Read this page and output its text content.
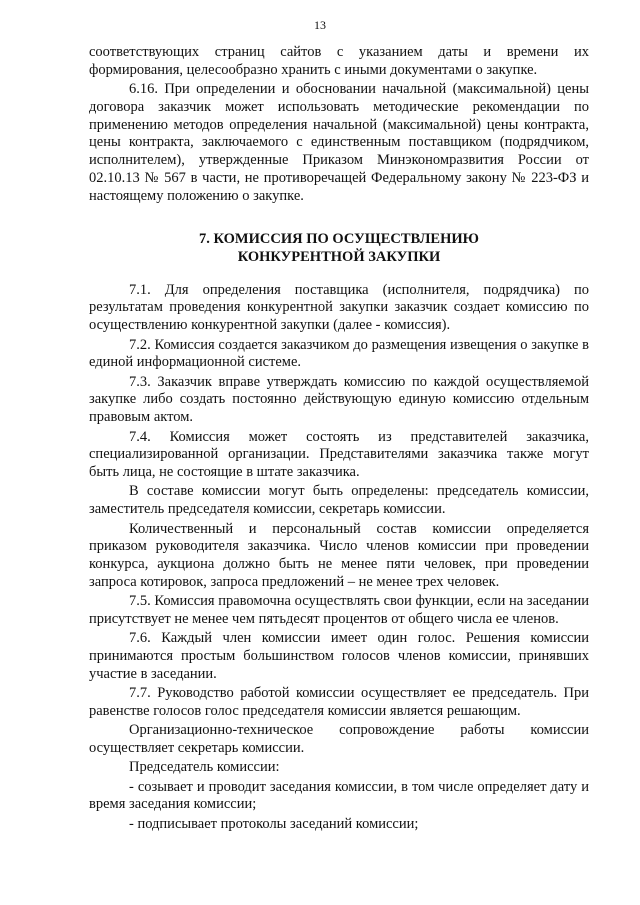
13

соответствующих страниц сайтов с указанием даты и времени их формирования, целесообразно хранить с иными документами о закупке.

6.16. При определении и обосновании начальной (максимальной) цены договора заказчик может использовать методические рекомендации по применению методов определения начальной (максимальной) цены контракта, цены контракта, заключаемого с единственным поставщиком (подрядчиком, исполнителем), утвержденные Приказом Минэкономразвития России от 02.10.13 № 567 в части, не противоречащей Федеральному закону № 223-ФЗ и настоящему положению о закупке.

7. КОМИССИЯ ПО ОСУЩЕСТВЛЕНИЮ
КОНКУРЕНТНОЙ ЗАКУПКИ

7.1. Для определения поставщика (исполнителя, подрядчика) по результатам проведения конкурентной закупки заказчик создает комиссию по осуществлению конкурентной закупки (далее - комиссия).

7.2. Комиссия создается заказчиком до размещения извещения о закупке в единой информационной системе.

7.3. Заказчик вправе утверждать комиссию по каждой осуществляемой закупке либо создать постоянно действующую единую комиссию отдельным правовым актом.

7.4. Комиссия может состоять из представителей заказчика, специализированной организации. Представителями заказчика также могут быть лица, не состоящие в штате заказчика.

В составе комиссии могут быть определены: председатель комиссии, заместитель председателя комиссии, секретарь комиссии.

Количественный и персональный состав комиссии определяется приказом руководителя заказчика. Число членов комиссии при проведении конкурса, аукциона должно быть не менее пяти человек, при проведении запроса котировок, запроса предложений – не менее трех человек.

7.5. Комиссия правомочна осуществлять свои функции, если на заседании присутствует не менее чем пятьдесят процентов от общего числа ее членов.

7.6. Каждый член комиссии имеет один голос. Решения комиссии принимаются простым большинством голосов членов комиссии, принявших участие в заседании.

7.7. Руководство работой комиссии осуществляет ее председатель. При равенстве голосов голос председателя комиссии является решающим.

Организационно-техническое сопровождение работы комиссии осуществляет секретарь комиссии.

Председатель комиссии:

- созывает и проводит заседания комиссии, в том числе определяет дату и время заседания комиссии;

- подписывает протоколы заседаний комиссии;
